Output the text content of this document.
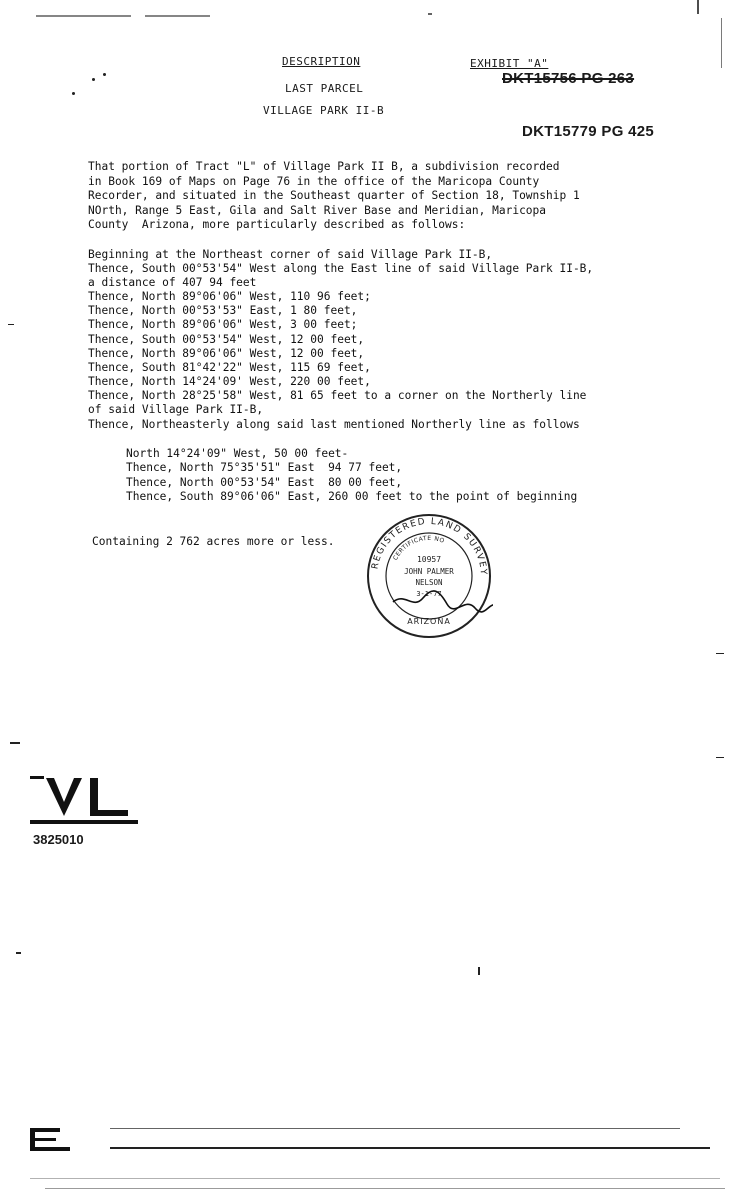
DESCRIPTION
LAST PARCEL
VILLAGE PARK II-B
EXHIBIT "A"
DKT15756 PG 263
DKT15779 PG 425
That portion of Tract "L" of Village Park II B, a subdivision recorded
in Book 169 of Maps on Page 76 in the office of the Maricopa County
Recorder, and situated in the Southeast quarter of Section 18, Township 1
NOrth, Range 5 East, Gila and Salt River Base and Meridian, Maricopa
County  Arizona, more particularly described as follows:
Beginning at the Northeast corner of said Village Park II-B,
Thence, South 00°53'54" West along the East line of said Village Park II-B,
a distance of 407 94 feet
Thence, North 89°06'06" West, 110 96 feet;
Thence, North 00°53'53" East, 1 80 feet,
Thence, North 89°06'06" West, 3 00 feet;
Thence, South 00°53'54" West, 12 00 feet,
Thence, North 89°06'06" West, 12 00 feet,
Thence, South 81°42'22" West, 115 69 feet,
Thence, North 14°24'09' West, 220 00 feet,
Thence, North 28°25'58" West, 81 65 feet to a corner on the Northerly line
of said Village Park II-B,
Thence, Northeasterly along said last mentioned Northerly line as follows
North 14°24'09" West, 50 00 feet-
Thence, North 75°35'51" East  94 77 feet,
Thence, North 00°53'54" East  80 00 feet,
Thence, South 89°06'06" East, 260 00 feet to the point of beginning
Containing 2 762 acres more or less.
REGISTERED LAND SURVEY
CERTIFICATE NO
10957
JOHN PALMER
NELSON
3-1-77
ARIZONA
3825010
